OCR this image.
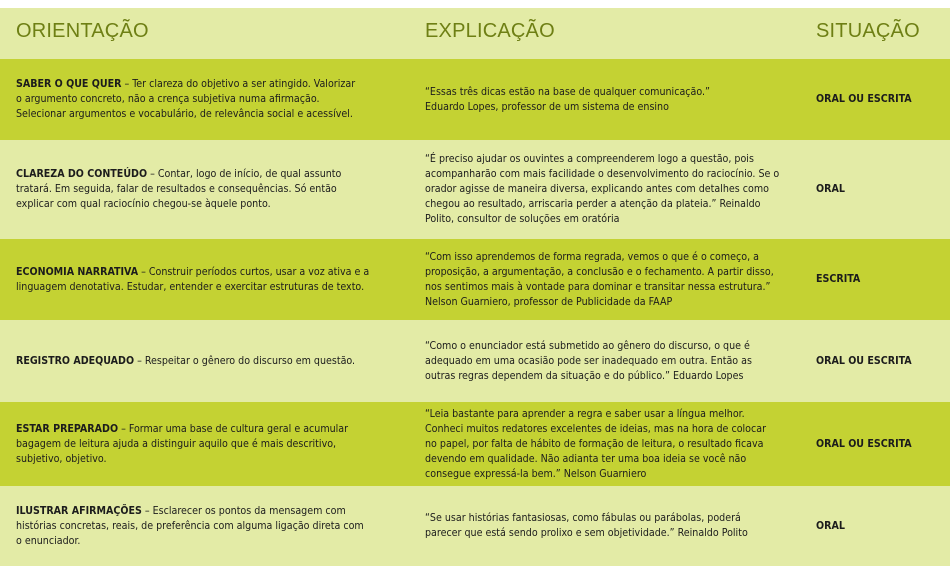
ORIENTAÇÃO	EXPLICAÇÃO	SITUAÇÃO
SABER O QUE QUER – Ter clareza do objetivo a ser atingido. Valorizar o argumento concreto, não a crença subjetiva numa afirmação. Selecionar argumentos e vocabulário, de relevância social e acessível.
“Essas três dicas estão na base de qualquer comunicação.” Eduardo Lopes, professor de um sistema de ensino
ORAL OU ESCRITA
CLAREZA DO CONTEÚDO – Contar, logo de início, de qual assunto tratará. Em seguida, falar de resultados e consequências. Só então explicar com qual raciocínio chegou-se àquele ponto.
“É preciso ajudar os ouvintes a compreenderem logo a questão, pois acompanharão com mais facilidade o desenvolvimento do raciocínio. Se o orador agisse de maneira diversa, explicando antes com detalhes como chegou ao resultado, arriscaria perder a atenção da plateia.” Reinaldo Polito, consultor de soluções em oratória
ORAL
ECONOMIA NARRATIVA – Construir períodos curtos, usar a voz ativa e a linguagem denotativa. Estudar, entender e exercitar estruturas de texto.
“Com isso aprendemos de forma regrada, vemos o que é o começo, a proposição, a argumentação, a conclusão e o fechamento. A partir disso, nos sentimos mais à vontade para dominar e transitar nessa estrutura.” Nelson Guarniero, professor de Publicidade da FAAP
ESCRITA
REGISTRO ADEQUADO – Respeitar o gênero do discurso em questão.
“Como o enunciador está submetido ao gênero do discurso, o que é adequado em uma ocasião pode ser inadequado em outra. Então as outras regras dependem da situação e do público.” Eduardo Lopes
ORAL OU ESCRITA
ESTAR PREPARADO – Formar uma base de cultura geral e acumular bagagem de leitura ajuda a distinguir aquilo que é mais descritivo, subjetivo, objetivo.
“Leia bastante para aprender a regra e saber usar a língua melhor. Conheci muitos redatores excelentes de ideias, mas na hora de colocar no papel, por falta de hábito de formação de leitura, o resultado ficava devendo em qualidade. Não adianta ter uma boa ideia se você não consegue expressá-la bem.” Nelson Guarniero
ORAL OU ESCRITA
ILUSTRAR AFIRMAÇÕES – Esclarecer os pontos da mensagem com histórias concretas, reais, de preferência com alguma ligação direta com o enunciador.
“Se usar histórias fantasiosas, como fábulas ou parábolas, poderá parecer que está sendo prolixo e sem objetividade.” Reinaldo Polito
ORAL
